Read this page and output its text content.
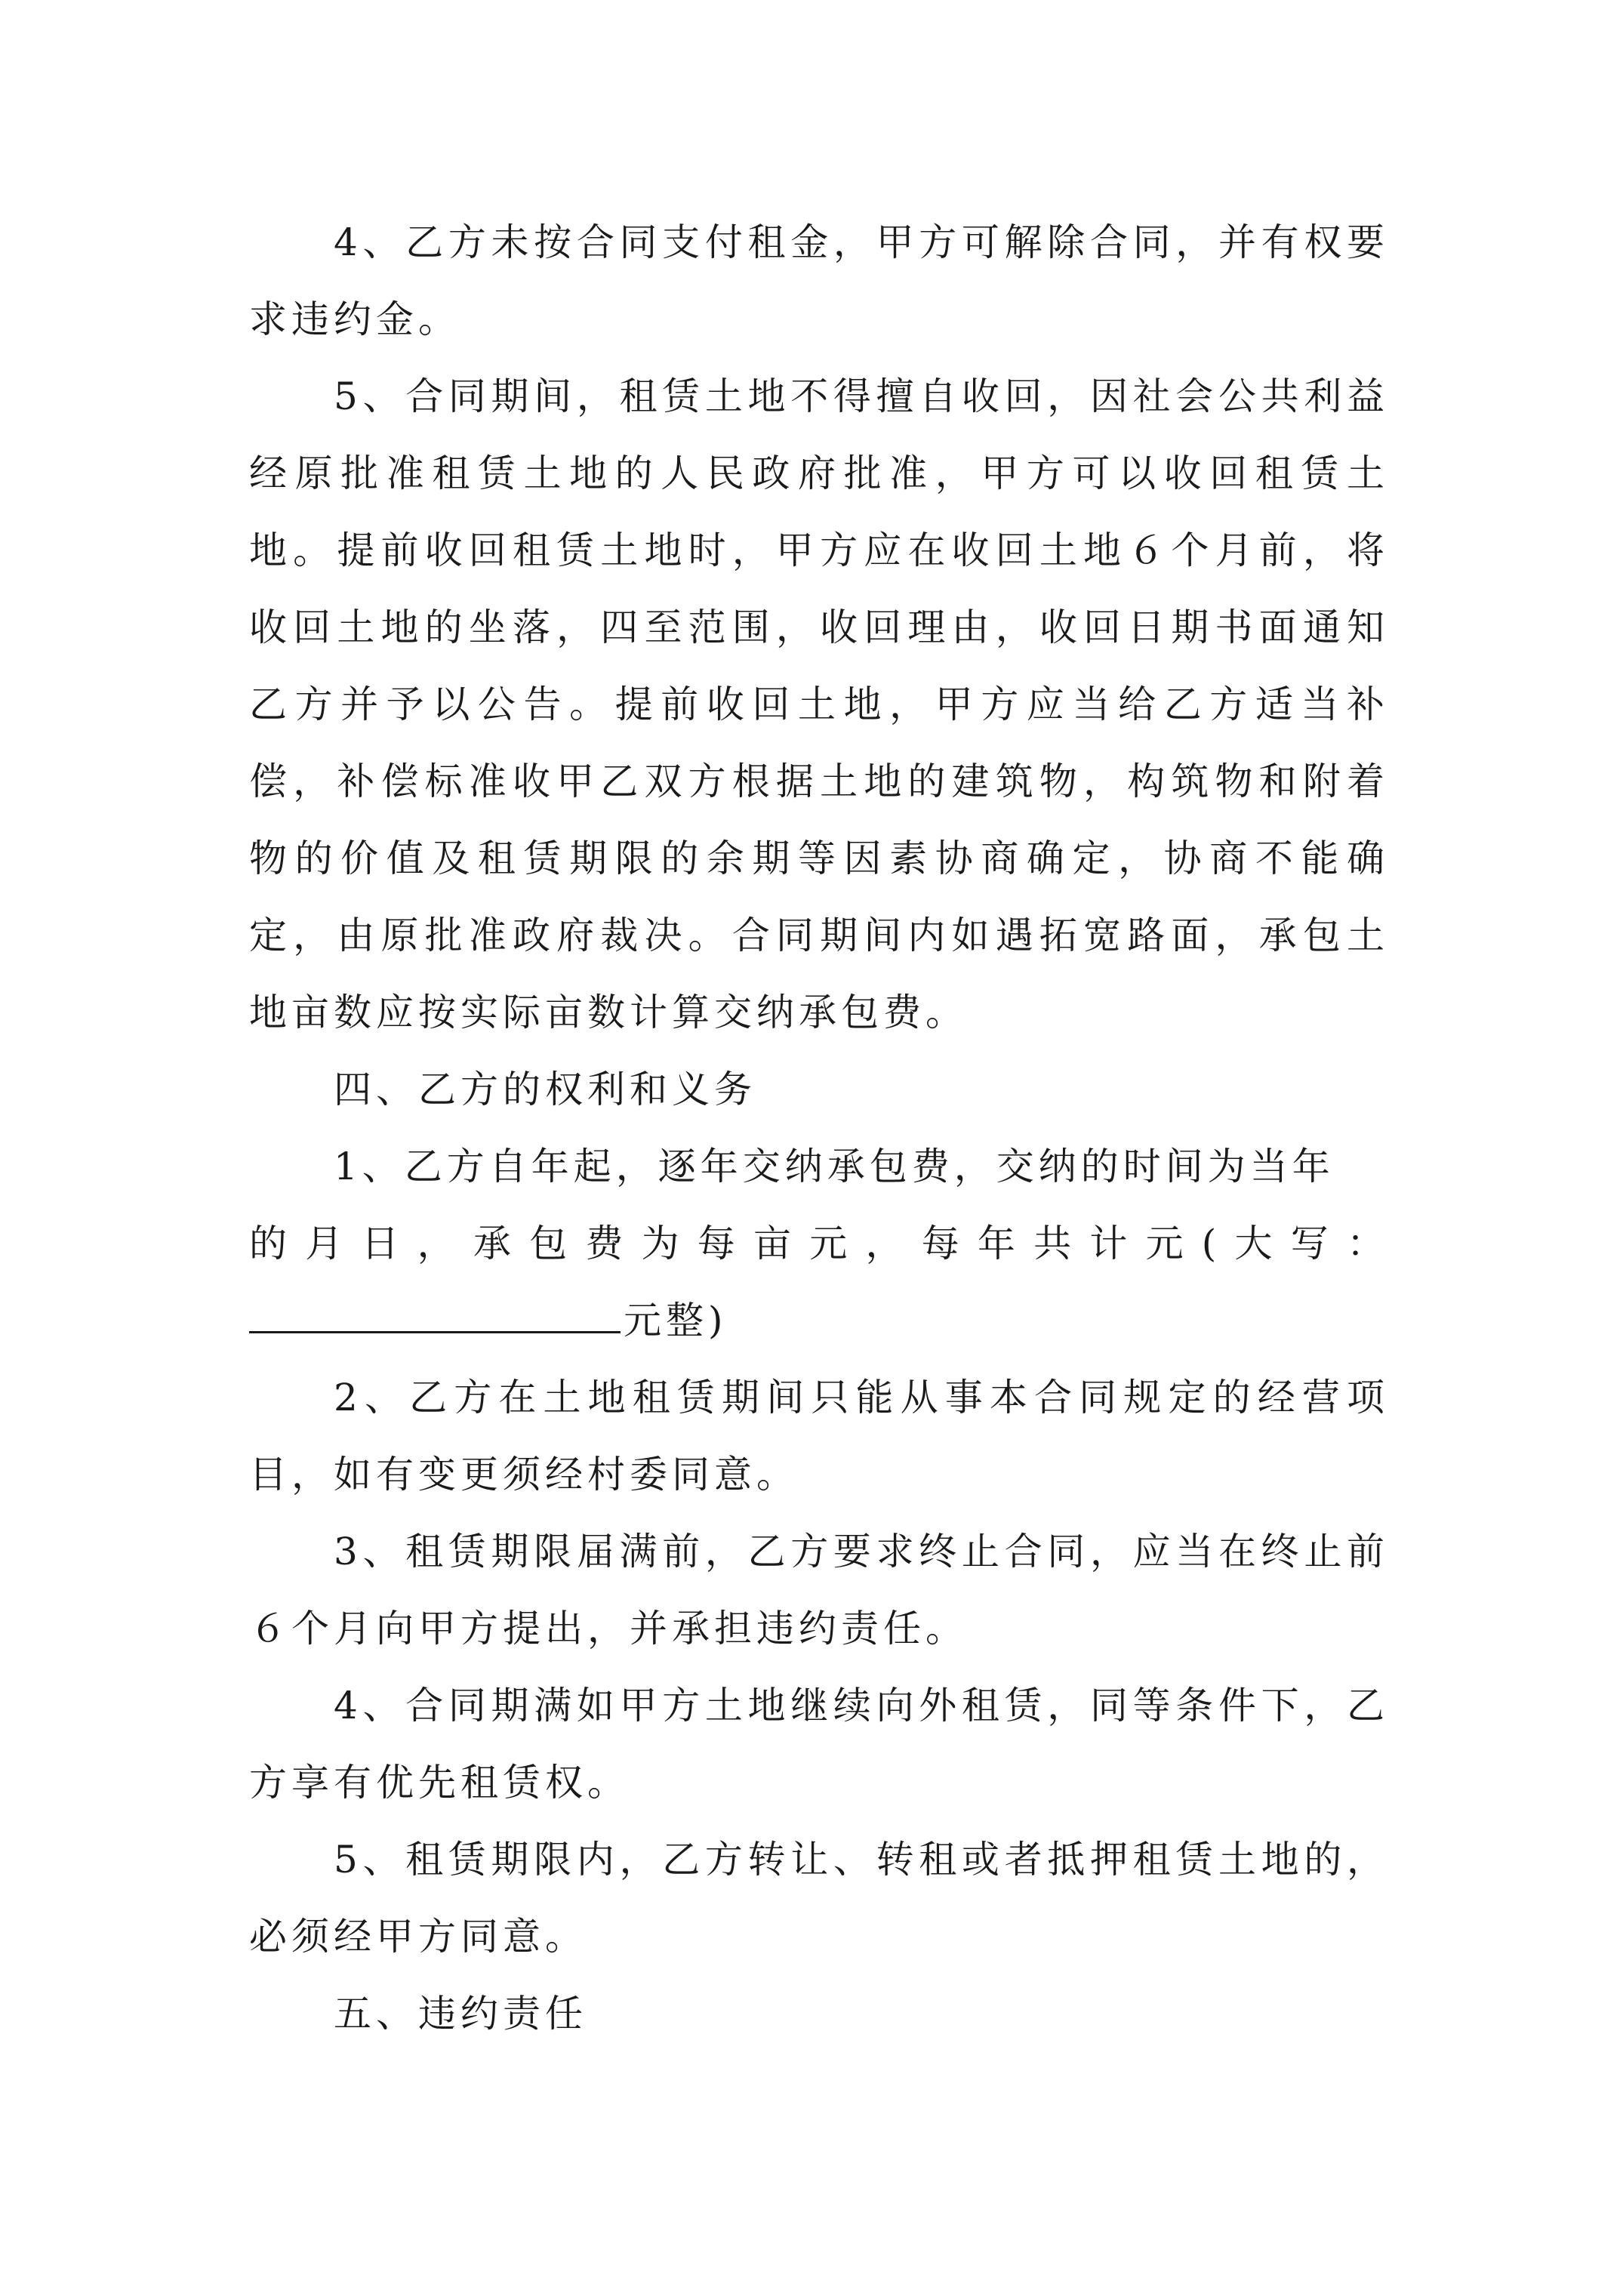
4、乙方未按合同支付租金，甲方可解除合同，并有权要求违约金。

5、合同期间，租赁土地不得擅自收回，因社会公共利益经原批准租赁土地的人民政府批准，甲方可以收回租赁土地。提前收回租赁土地时，甲方应在收回土地６个月前，将收回土地的坐落，四至范围，收回理由，收回日期书面通知乙方并予以公告。提前收回土地，甲方应当给乙方适当补偿，补偿标准收甲乙双方根据土地的建筑物，构筑物和附着物的价值及租赁期限的余期等因素协商确定，协商不能确定，由原批准政府裁决。合同期间内如遇拓宽路面，承包土地亩数应按实际亩数计算交纳承包费。

四、乙方的权利和义务

1、乙方自年起，逐年交纳承包费，交纳的时间为当年

的月日，承包费为每亩元，每年共计元(大写：

元整)

2、乙方在土地租赁期间只能从事本合同规定的经营项目，如有变更须经村委同意。

3、租赁期限届满前，乙方要求终止合同，应当在终止前６个月向甲方提出，并承担违约责任。

4、合同期满如甲方土地继续向外租赁，同等条件下，乙方享有优先租赁权。

5、租赁期限内，乙方转让、转租或者抵押租赁土地的，必须经甲方同意。

五、违约责任
